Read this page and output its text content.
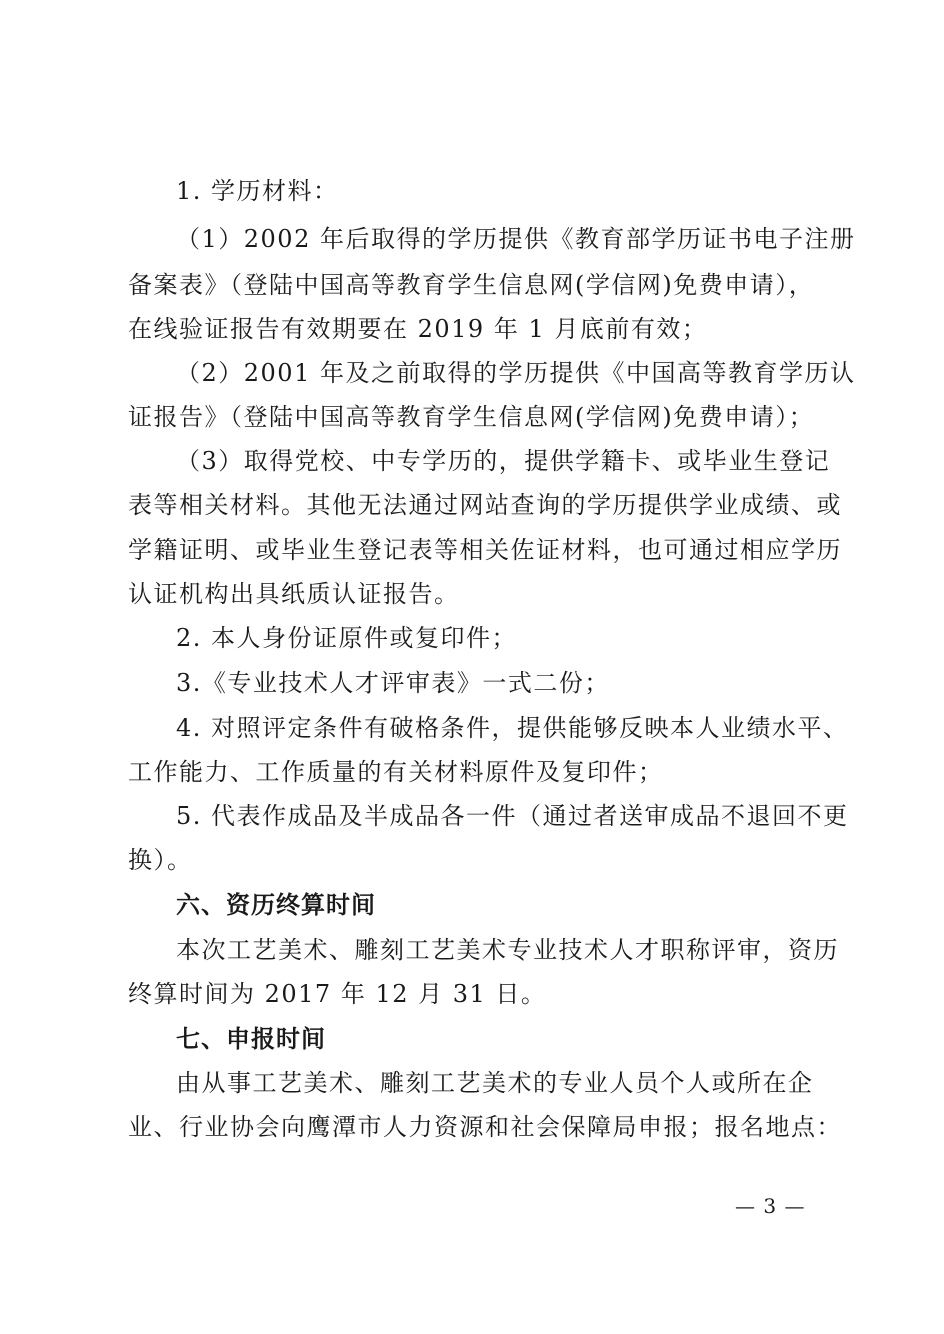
1. 学历材料：
（1）2002 年后取得的学历提供《教育部学历证书电子注册
备案表》（登陆中国高等教育学生信息网(学信网)免费申请），
在线验证报告有效期要在 2019 年 1 月底前有效；
（2）2001 年及之前取得的学历提供《中国高等教育学历认
证报告》（登陆中国高等教育学生信息网(学信网)免费申请）；
（3）取得党校、中专学历的，提供学籍卡、或毕业生登记
表等相关材料。其他无法通过网站查询的学历提供学业成绩、或
学籍证明、或毕业生登记表等相关佐证材料，也可通过相应学历
认证机构出具纸质认证报告。
2. 本人身份证原件或复印件；
3.《专业技术人才评审表》一式二份；
4. 对照评定条件有破格条件，提供能够反映本人业绩水平、
工作能力、工作质量的有关材料原件及复印件；
5. 代表作成品及半成品各一件（通过者送审成品不退回不更
换）。
六、资历终算时间
本次工艺美术、雕刻工艺美术专业技术人才职称评审，资历
终算时间为 2017 年 12 月 31 日。
七、申报时间
由从事工艺美术、雕刻工艺美术的专业人员个人或所在企
业、行业协会向鹰潭市人力资源和社会保障局申报；报名地点：
— 3 —
